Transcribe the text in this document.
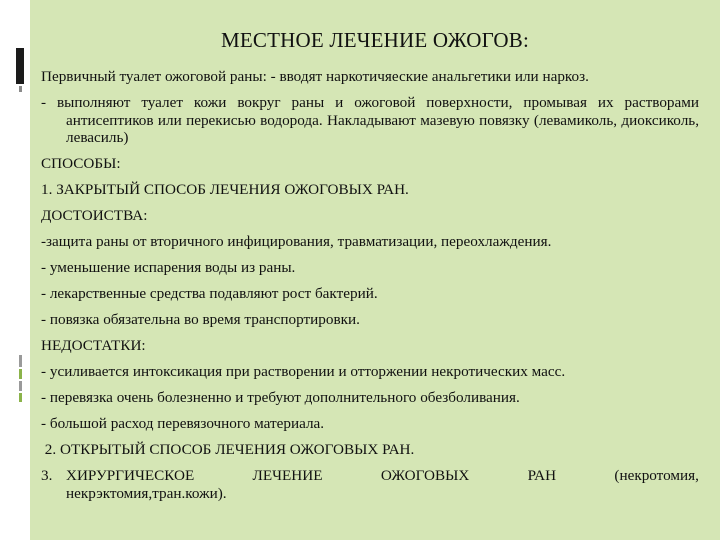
МЕСТНОЕ ЛЕЧЕНИЕ ОЖОГОВ:
Первичный туалет ожоговой раны: - вводят наркотичяеские анальгетики или наркоз.
- выполняют туалет кожи вокруг раны и ожоговой поверхности, промывая их растворами антисептиков или перекисью водорода. Накладывают мазевую повязку (левамиколь, диоксиколь, левасиль)
СПОСОБЫ:
1. ЗАКРЫТЫЙ СПОСОБ ЛЕЧЕНИЯ ОЖОГОВЫХ РАН.
ДОСТОИСТВА:
-защита раны от вторичного инфицирования, травматизации, переохлаждения.
- уменьшение испарения воды из раны.
- лекарственные средства подавляют рост бактерий.
- повязка обязательна во время транспортировки.
НЕДОСТАТКИ:
- усиливается интоксикация при растворении и отторжении некротических масс.
- перевязка очень болезненно и требуют дополнительного обезболивания.
- большой расход перевязочного материала.
2. ОТКРЫТЫЙ СПОСОБ ЛЕЧЕНИЯ ОЖОГОВЫХ РАН.
3. ХИРУРГИЧЕСКОЕ	ЛЕЧЕНИЕ	ОЖОГОВЫХ	РАН	(некротомия,
некрэктомия,тран.кожи).
